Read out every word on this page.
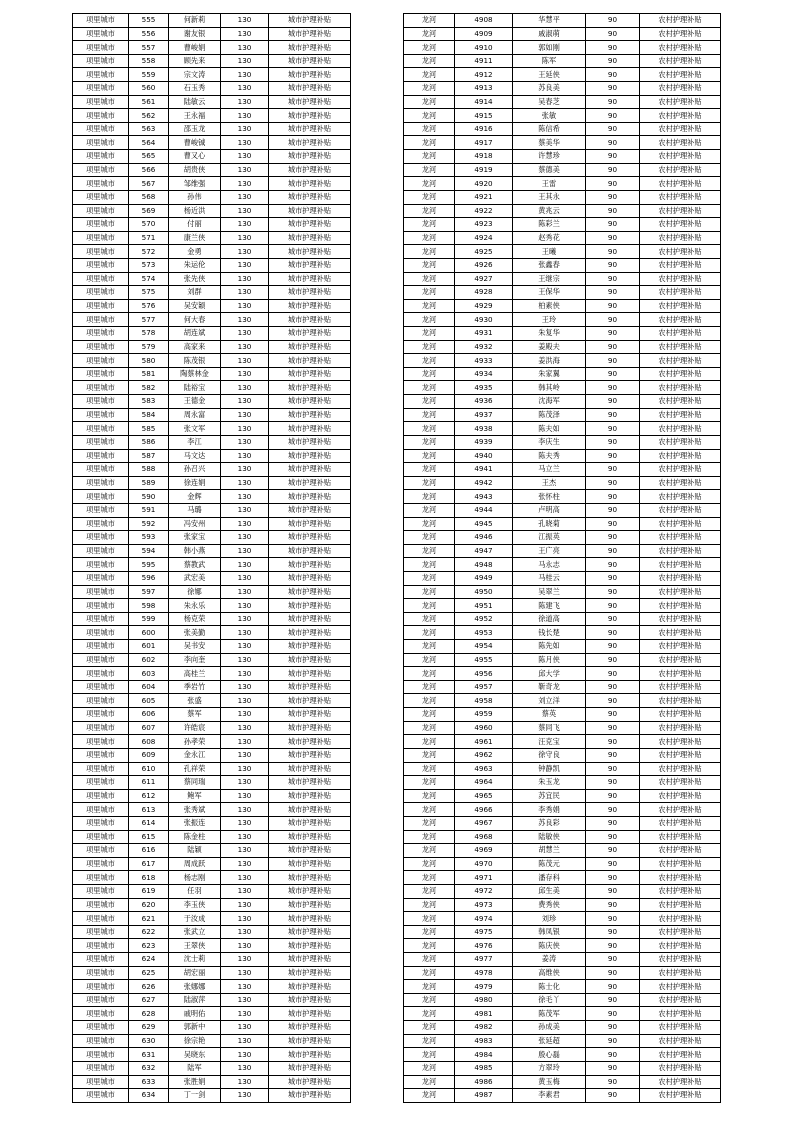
项里城市	555	何新莉	130	城市护理补贴
项里城市	556	谢友银	130	城市护理补贴
项里城市	557	曹峻娟	130	城市护理补贴
项里城市	558	顾先来	130	城市护理补贴
项里城市	559	宗文涛	130	城市护理补贴
项里城市	560	石玉秀	130	城市护理补贴
项里城市	561	陆敏云	130	城市护理补贴
项里城市	562	王永福	130	城市护理补贴
项里城市	563	邵玉龙	130	城市护理补贴
项里城市	564	曹峻铖	130	城市护理补贴
项里城市	565	曹又心	130	城市护理补贴
项里城市	566	胡贵侠	130	城市护理补贴
项里城市	567	邹维强	130	城市护理补贴
项里城市	568	孙伟	130	城市护理补贴
项里城市	569	杨近洪	130	城市护理补贴
项里城市	570	付丽	130	城市护理补贴
项里城市	571	康兰侠	130	城市护理补贴
项里城市	572	金勇	130	城市护理补贴
项里城市	573	朱运伦	130	城市护理补贴
项里城市	574	张先侠	130	城市护理补贴
项里城市	575	刘群	130	城市护理补贴
项里城市	576	吴安颖	130	城市护理补贴
项里城市	577	何大春	130	城市护理补贴
项里城市	578	胡连斌	130	城市护理补贴
项里城市	579	高家来	130	城市护理补贴
项里城市	580	陈茂银	130	城市护理补贴
项里城市	581	陶蔡林金	130	城市护理补贴
项里城市	582	陆裕宝	130	城市护理补贴
项里城市	583	王德金	130	城市护理补贴
项里城市	584	周永富	130	城市护理补贴
项里城市	585	张文军	130	城市护理补贴
项里城市	586	李江	130	城市护理补贴
项里城市	587	马文达	130	城市护理补贴
项里城市	588	孙召兴	130	城市护理补贴
项里城市	589	徐连娟	130	城市护理补贴
项里城市	590	金辉	130	城市护理补贴
项里城市	591	马璐	130	城市护理补贴
项里城市	592	冯安州	130	城市护理补贴
项里城市	593	张家宝	130	城市护理补贴
项里城市	594	韩小燕	130	城市护理补贴
项里城市	595	蔡教武	130	城市护理补贴
项里城市	596	武宏美	130	城市护理补贴
项里城市	597	徐娜	130	城市护理补贴
项里城市	598	朱永乐	130	城市护理补贴
项里城市	599	杨克荣	130	城市护理补贴
项里城市	600	张美勤	130	城市护理补贴
项里城市	601	吴书安	130	城市护理补贴
项里城市	602	李向奎	130	城市护理补贴
项里城市	603	高桂兰	130	城市护理补贴
项里城市	604	季岩竹	130	城市护理补贴
项里城市	605	张盛	130	城市护理补贴
项里城市	606	蔡军	130	城市护理补贴
项里城市	607	许皓宸	130	城市护理补贴
项里城市	608	孙孝荣	130	城市护理补贴
项里城市	609	金永江	130	城市护理补贴
项里城市	610	孔祥荣	130	城市护理补贴
项里城市	611	蔡同瑞	130	城市护理补贴
项里城市	612	鲍军	130	城市护理补贴
项里城市	613	张秀斌	130	城市护理补贴
项里城市	614	张振连	130	城市护理补贴
项里城市	615	陈金柱	130	城市护理补贴
项里城市	616	陆颖	130	城市护理补贴
项里城市	617	周成跃	130	城市护理补贴
项里城市	618	杨志刚	130	城市护理补贴
项里城市	619	任羽	130	城市护理补贴
项里城市	620	李玉侠	130	城市护理补贴
项里城市	621	于汝成	130	城市护理补贴
项里城市	622	张武立	130	城市护理补贴
项里城市	623	王翠侠	130	城市护理补贴
项里城市	624	沈士莉	130	城市护理补贴
项里城市	625	胡宏丽	130	城市护理补贴
项里城市	626	张娜娜	130	城市护理补贴
项里城市	627	陆淑萍	130	城市护理补贴
项里城市	628	戚明佑	130	城市护理补贴
项里城市	629	郭新中	130	城市护理补贴
项里城市	630	徐宗艳	130	城市护理补贴
项里城市	631	吴晓东	130	城市护理补贴
项里城市	632	陆军	130	城市护理补贴
项里城市	633	张胜娟	130	城市护理补贴
项里城市	634	丁一剑	130	城市护理补贴
龙河	4908	华慧平	90	农村护理补贴
龙河	4909	戚淑萌	90	农村护理补贴
龙河	4910	郭如刚	90	农村护理补贴
龙河	4911	陈军	90	农村护理补贴
龙河	4912	王延侠	90	农村护理补贴
龙河	4913	苏良美	90	农村护理补贴
龙河	4914	吴春芝	90	农村护理补贴
龙河	4915	张敏	90	农村护理补贴
龙河	4916	陈信希	90	农村护理补贴
龙河	4917	蔡美华	90	农村护理补贴
龙河	4918	许慧珍	90	农村护理补贴
龙河	4919	蔡德美	90	农村护理补贴
龙河	4920	王雷	90	农村护理补贴
龙河	4921	王其永	90	农村护理补贴
龙河	4922	黄兆云	90	农村护理补贴
龙河	4923	陈彩兰	90	农村护理补贴
龙河	4924	赵秀花	90	农村护理补贴
龙河	4925	王曦	90	农村护理补贴
龙河	4926	张鑫春	90	农村护理补贴
龙河	4927	王继宗	90	农村护理补贴
龙河	4928	王保华	90	农村护理补贴
龙河	4929	柏素侠	90	农村护理补贴
龙河	4930	王玲	90	农村护理补贴
龙河	4931	朱复华	90	农村护理补贴
龙河	4932	姜殿夫	90	农村护理补贴
龙河	4933	姜洪海	90	农村护理补贴
龙河	4934	朱家翼	90	农村护理补贴
龙河	4935	韩其岭	90	农村护理补贴
龙河	4936	沈海军	90	农村护理补贴
龙河	4937	陈茂泽	90	农村护理补贴
龙河	4938	陈夫如	90	农村护理补贴
龙河	4939	李庆生	90	农村护理补贴
龙河	4940	陈夫秀	90	农村护理补贴
龙河	4941	马立兰	90	农村护理补贴
龙河	4942	王杰	90	农村护理补贴
龙河	4943	张怀柱	90	农村护理补贴
龙河	4944	卢明高	90	农村护理补贴
龙河	4945	孔晓菊	90	农村护理补贴
龙河	4946	江振英	90	农村护理补贴
龙河	4947	王广亮	90	农村护理补贴
龙河	4948	马永志	90	农村护理补贴
龙河	4949	马桂云	90	农村护理补贴
龙河	4950	吴翠兰	90	农村护理补贴
龙河	4951	陈建飞	90	农村护理补贴
龙河	4952	徐道高	90	农村护理补贴
龙河	4953	钱长楚	90	农村护理补贴
龙河	4954	陈先如	90	农村护理补贴
龙河	4955	陈月侠	90	农村护理补贴
龙河	4956	邱大学	90	农村护理补贴
龙河	4957	靳奇龙	90	农村护理补贴
龙河	4958	刘立洋	90	农村护理补贴
龙河	4959	蔡英	90	农村护理补贴
龙河	4960	蔡同飞	90	农村护理补贴
龙河	4961	汪克宝	90	农村护理补贴
龙河	4962	徐守良	90	农村护理补贴
龙河	4963	钟静凯	90	农村护理补贴
龙河	4964	朱玉龙	90	农村护理补贴
龙河	4965	苏宜民	90	农村护理补贴
龙河	4966	李秀娟	90	农村护理补贴
龙河	4967	苏良彩	90	农村护理补贴
龙河	4968	陆敏侠	90	农村护理补贴
龙河	4969	胡慧兰	90	农村护理补贴
龙河	4970	陈茂元	90	农村护理补贴
龙河	4971	潘存科	90	农村护理补贴
龙河	4972	邱生美	90	农村护理补贴
龙河	4973	费秀侠	90	农村护理补贴
龙河	4974	刘珍	90	农村护理补贴
龙河	4975	韩凤银	90	农村护理补贴
龙河	4976	陈庆侠	90	农村护理补贴
龙河	4977	姜涛	90	农村护理补贴
龙河	4978	高维侠	90	农村护理补贴
龙河	4979	陈士化	90	农村护理补贴
龙河	4980	徐毛丫	90	农村护理补贴
龙河	4981	陈茂军	90	农村护理补贴
龙河	4982	孙成美	90	农村护理补贴
龙河	4983	张延超	90	农村护理补贴
龙河	4984	殷心磊	90	农村护理补贴
龙河	4985	方翠玲	90	农村护理补贴
龙河	4986	黄玉梅	90	农村护理补贴
龙河	4987	李素君	90	农村护理补贴
